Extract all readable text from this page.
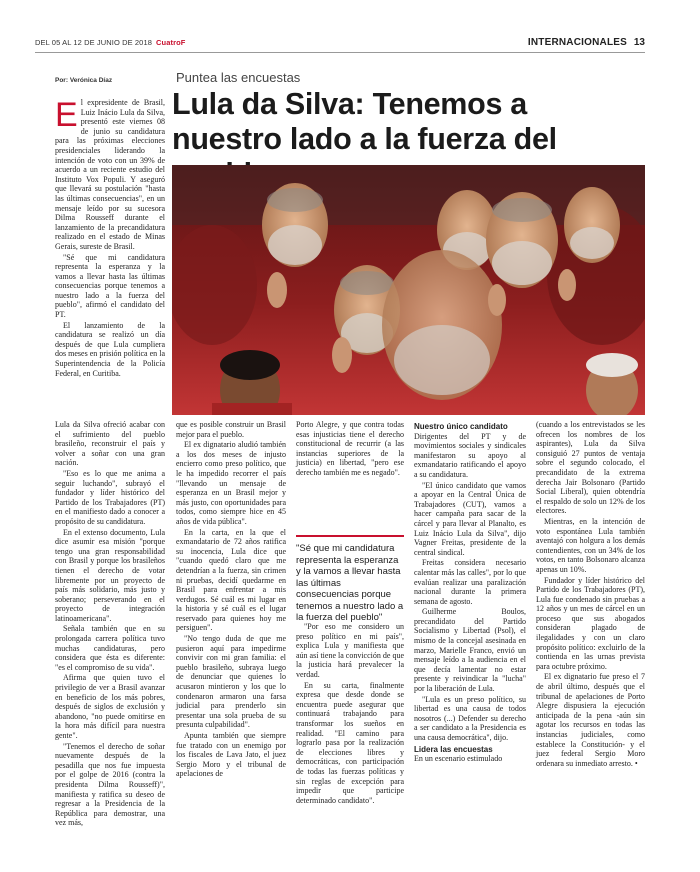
DEL 05 AL 12 DE JUNIO DE 2018 CuatroF	INTERNACIONALES 13
Por: Verónica Díaz	Puntea las encuestas
Lula da Silva: Tenemos a nuestro lado a la fuerza del

El expresidente de Brasil, Luiz Inácio Lula da Silva, presentó este viernes 08 de junio su candidatura para las próximas elecciones presidenciales liderando la intención de voto con un 39% de acuerdo a un reciente estudio del Instituto Vox Populi. Y aseguró que llevará su postulación "hasta las últimas consecuencias", en un mensaje leído por su sucesora Dilma Rousseff durante el lanzamiento de la precandidatura realizado en el estado de Minas Gerais, sureste de Brasil.

"Sé que mi candidatura representa la esperanza y la vamos a llevar hasta las últimas consecuencias porque tenemos a nuestro lado a la fuerza del pueblo", afirmó el candidato del PT.

El lanzamiento de la candidatura se realizó un día después de que Lula cumpliera dos meses en prisión política en la Superintendencia de la Policía Federal, en Curitiba.

Lula da Silva ofreció acabar con el sufrimiento del pueblo brasileño, reconstruir el país y volver a soñar con una gran nación.

"Eso es lo que me anima a seguir luchando", subrayó el fundador y líder histórico del Partido de los Trabajadores (PT) en el manifiesto dado a conocer a propósito de su candidatura.

En el extenso documento, Lula dice asumir esa misión "porque tengo una gran responsabilidad con Brasil y porque los brasileños tienen el derecho de votar libremente por un proyecto de país más solidario, más justo y soberano; perseverando en el proyecto de integración latinoamericana".

Señala también que en su prolongada carrera política tuvo muchas candidaturas, pero considera que ésta es diferente: "es el compromiso de su vida".

Afirma que quien tuvo el privilegio de ver a Brasil avanzar en beneficio de los más pobres, después de siglos de exclusión y abandono, "no puede omitirse en la hora más difícil para nuestra gente".

"Tenemos el derecho de soñar nuevamente después de la pesadilla que nos fue impuesta por el golpe de 2016 (contra la presidenta Dilma Rousseff)", manifiesta y ratifica su deseo de regresar a la Presidencia de la República para demostrar, una vez más,

que es posible construir un Brasil mejor para el pueblo.

El ex dignatario aludió también a los dos meses de injusto encierro como preso político, que le ha impedido recorrer el país "llevando un mensaje de esperanza en un Brasil mejor y más justo, con oportunidades para todos, como siempre hice en 45 años de vida pública".

En la carta, en la que el exmandatario de 72 años ratifica su inocencia, Lula dice que "cuando quedó claro que me detendrían a la fuerza, sin crimen ni pruebas, decidí quedarme en Brasil para enfrentar a mis verdugos. Sé cuál es mi lugar en la historia y sé cuál es el lugar reservado para quienes hoy me persiguen".

"No tengo duda de que me pusieron aquí para impedirme convivir con mi gran familia: el pueblo brasileño, subraya luego de denunciar que quienes lo acusaron mintieron y los que lo condenaron armaron una farsa judicial para prenderlo sin presentar una sola prueba de su presunta culpabilidad".

Apunta también que siempre fue tratado con un enemigo por los fiscales de Lava Jato, el juez Sergio Moro y el tribunal de apelaciones de

Porto Alegre, y que contra todas esas injusticias tiene el derecho constitucional de recurrir (a las instancias superiores de la justicia) en libertad, "pero ese derecho también me es negado".

"Sé que mi candidatura representa la esperanza y la vamos a llevar hasta las últimas consecuencias porque tenemos a nuestro lado a la fuerza del pueblo"

"Por eso me considero un preso político en mi país", explica Lula y manifiesta que aún así tiene la convicción de que la justicia hará prevalecer la verdad.

En su carta, finalmente expresa que desde donde se encuentra puede asegurar que continuará trabajando para transformar los sueños en realidad. "El camino para lograrlo pasa por la realización de elecciones libres y democráticas, con participación de todas las fuerzas políticas y sin reglas de excepción para impedir que participe determinado candidato".

Nuestro único candidato

Dirigentes del PT y de movimientos sociales y sindicales manifestaron su apoyo al exmandatario ratificando el apoyo a su candidatura.

"El único candidato que vamos a apoyar en la Central Única de Trabajadores (CUT), vamos a hacer campaña para sacar de la cárcel y para llevar al Planalto, es Luiz Inácio Lula da Silva", dijo Vagner Freitas, presidente de la central sindical.

Freitas considera necesario calentar más las calles", por lo que evalúan realizar una paralización nacional durante la primera semana de agosto.

Guilherme Boulos, precandidato del Partido Socialismo y Libertad (Psol), el mismo de la concejal asesinada en marzo, Marielle Franco, envió un mensaje leído a la audiencia en el que decía lamentar no estar presente y reivindicar la "lucha" por la liberación de Lula.

"Lula es un preso político, su libertad es una causa de todos nosotros (...) Defender su derecho a ser candidato a la Presidencia es una causa democrática", dijo.

Lidera las encuestas

En un escenario estimulado

(cuando a los entrevistados se les ofrecen los nombres de los aspirantes), Lula da Silva consiguió 27 puntos de ventaja sobre el segundo colocado, el precandidato de la extrema derecha Jair Bolsonaro (Partido Social Liberal), quien obtendría el respaldo de solo un 12% de los electores.

Mientras, en la intención de voto espontánea Lula también aventajó con holgura a los demás contendientes, con un 34% de los votos, en tanto Bolsonaro alcanza apenas un 10%.

Fundador y líder histórico del Partido de los Trabajadores (PT), Lula fue condenado sin pruebas a 12 años y un mes de cárcel en un proceso que sus abogados consideran plagado de ilegalidades y con un claro propósito político: excluirlo de la contienda en las urnas prevista para octubre próximo.

El ex dignatario fue preso el 7 de abril último, después que el tribunal de apelaciones de Porto Alegre dispusiera la ejecución anticipada de la pena -aún sin agotar los recursos en todas las instancias judiciales, como establece la Constitución- y el juez federal Sergio Moro ordenara su inmediato arresto. •
